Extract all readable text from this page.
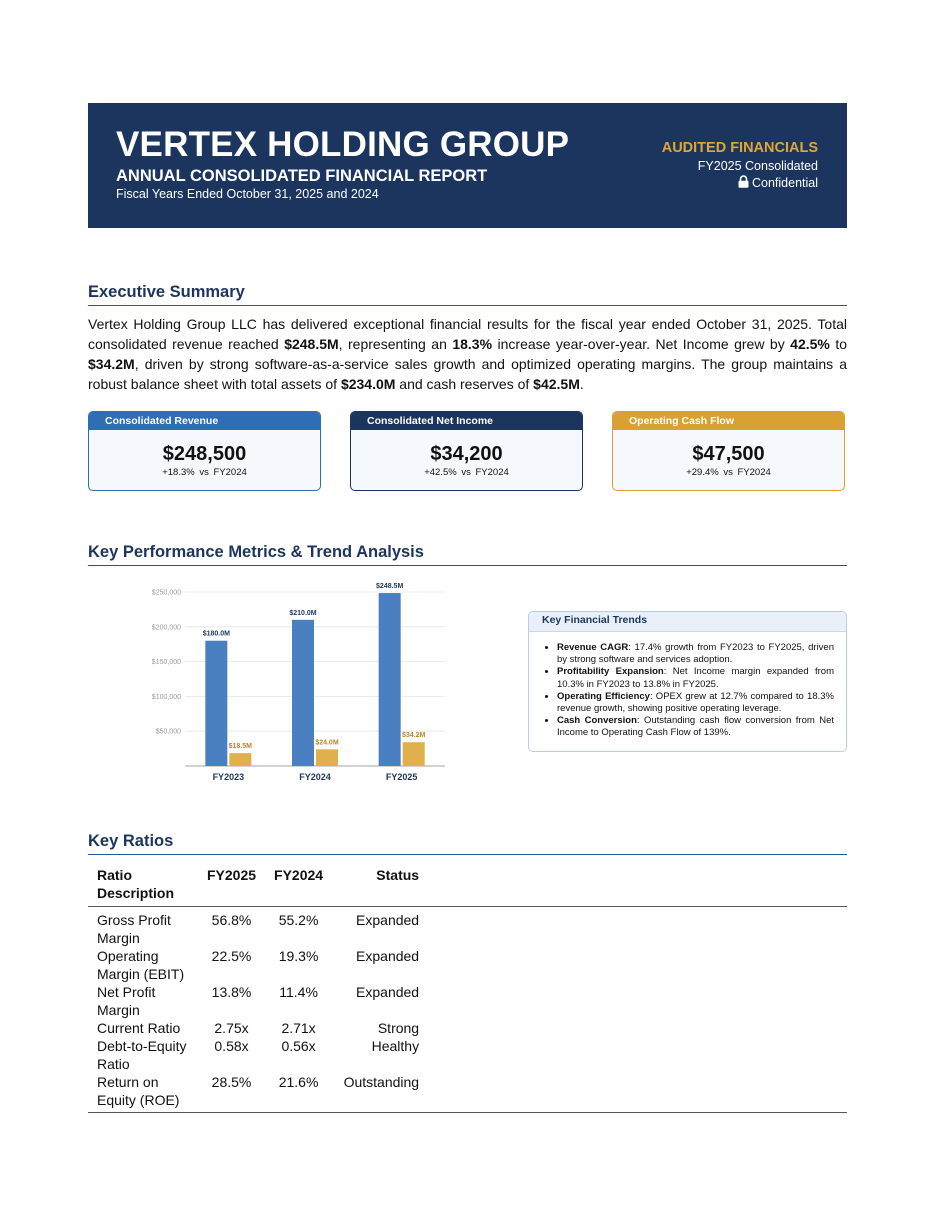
VERTEX HOLDING GROUP
ANNUAL CONSOLIDATED FINANCIAL REPORT
Fiscal Years Ended October 31, 2025 and 2024
AUDITED FINANCIALS
FY2025 Consolidated
Confidential
Executive Summary
Vertex Holding Group LLC has delivered exceptional financial results for the fiscal year ended October 31, 2025. Total consolidated revenue reached $248.5M, representing an 18.3% increase year-over-year. Net Income grew by 42.5% to $34.2M, driven by strong software-as-a-service sales growth and optimized operating margins. The group maintains a robust balance sheet with total assets of $234.0M and cash reserves of $42.5M.
Consolidated Revenue
$248,500
+18.3% vs FY2024
Consolidated Net Income
$34,200
+42.5% vs FY2024
Operating Cash Flow
$47,500
+29.4% vs FY2024
Key Performance Metrics & Trend Analysis
$50,000
$100,000
$150,000
$200,000
$250,000
$180.0M
$18.5M
FY2023
$210.0M
$24.0M
FY2024
$248.5M
$34.2M
FY2025
Key Financial Trends
• Revenue CAGR: 17.4% growth from FY2023 to FY2025, driven by strong software and services adoption.
• Profitability Expansion: Net Income margin expanded from 10.3% in FY2023 to 13.8% in FY2025.
• Operating Efficiency: OPEX grew at 12.7% compared to 18.3% revenue growth, showing positive operating leverage.
• Cash Conversion: Outstanding cash flow conversion from Net Income to Operating Cash Flow of 139%.
Key Ratios
Ratio Description	FY2025	FY2024	Status	
Gross Profit Margin	56.8%	55.2%	Expanded	
Operating Margin (EBIT)	22.5%	19.3%	Expanded	
Net Profit Margin	13.8%	11.4%	Expanded	
Current Ratio	2.75x	2.71x	Strong	
Debt-to-Equity Ratio	0.58x	0.56x	Healthy	
Return on Equity (ROE)	28.5%	21.6%	Outstanding	
